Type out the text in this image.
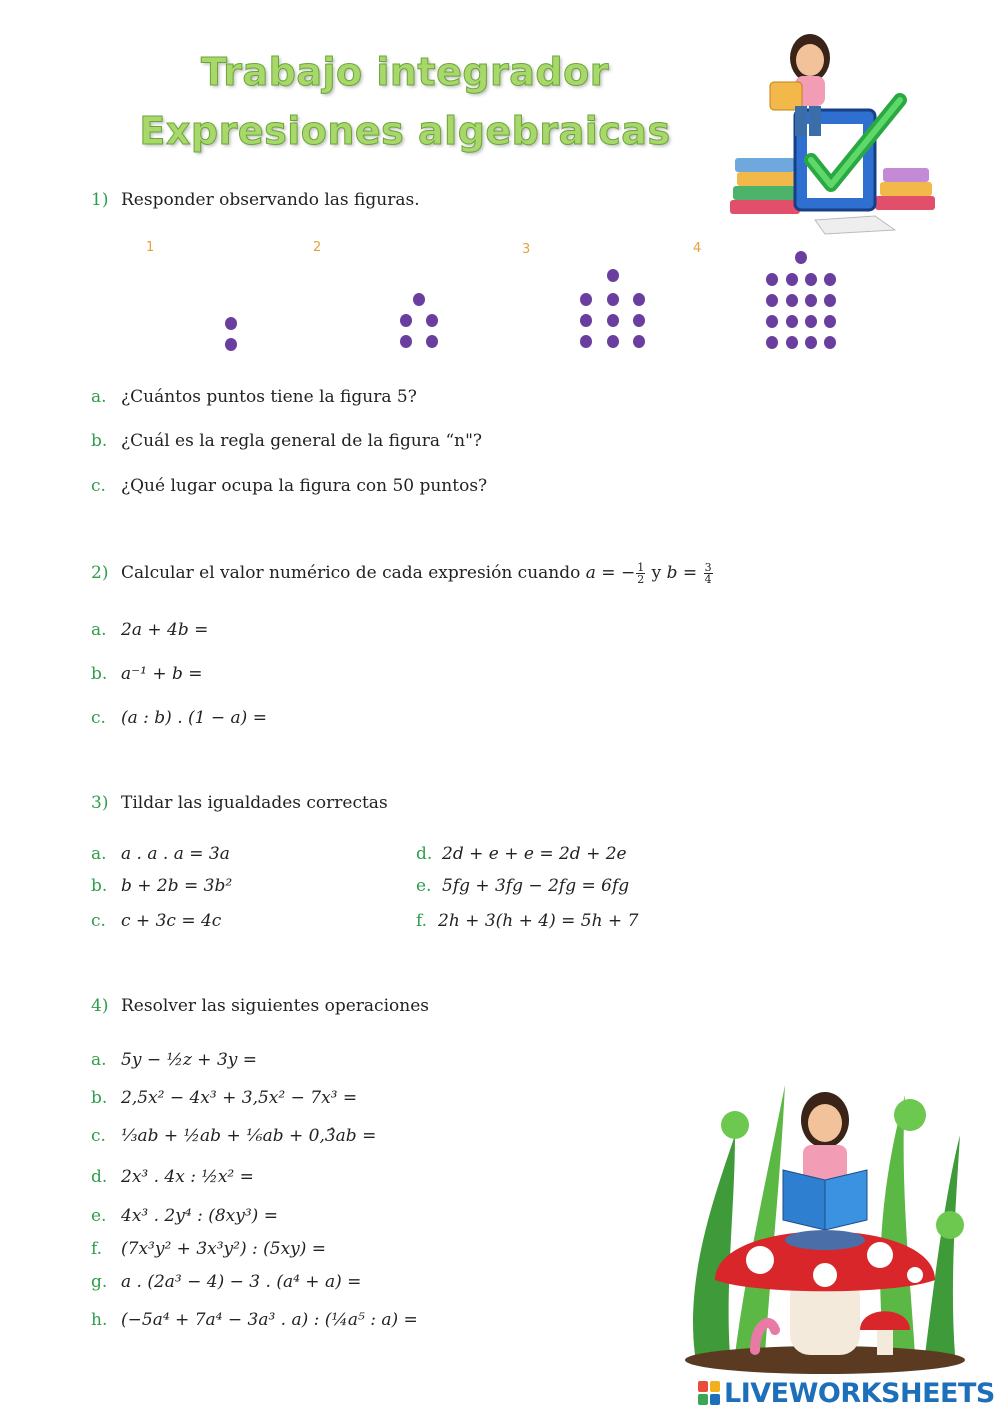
Trabajo integrador
Expresiones algebraicas
1) Responder observando las figuras.
1	2	3	4
a. ¿Cuántos puntos tiene la figura 5?
b. ¿Cuál es la regla general de la figura “n"?
c. ¿Qué lugar ocupa la figura con 50 puntos?
2) Calcular el valor numérico de cada expresión cuando a = − $\frac{1}{2}$ y $b = \frac{3}{4}$
a. 2a + 4b =
b. a⁻¹ + b =
c. (a : b) . (1 − a) =
3) Tildar las igualdades correctas
a. a . a . a = 3a
b. b + 2b = 3b²
c. c + 3c = 4c
d. 2d + e + e = 2d + 2e
e. 5fg + 3fg − 2fg = 6fg
f. 2h + 3(h + 4) = 5h + 7
4) Resolver las siguientes operaciones
a. 5y − ½z + 3y =
b. 2,5x² − 4x³ + 3,5x² − 7x³ =
c. ⅓ab + ½ab + ⅙ab + 0,3̂ab =
d. 2x³ . 4x : ½x² =
e. 4x³ . 2y⁴ : (8xy³) =
f. (7x³y² + 3x³y²) : (5xy) =
g. a . (2a³ − 4) − 3 . (a⁴ + a) =
h. (−5a⁴ + 7a⁴ − 3a³ . a) : (¼a⁵ : a) =
LIVEWORKSHEETS
